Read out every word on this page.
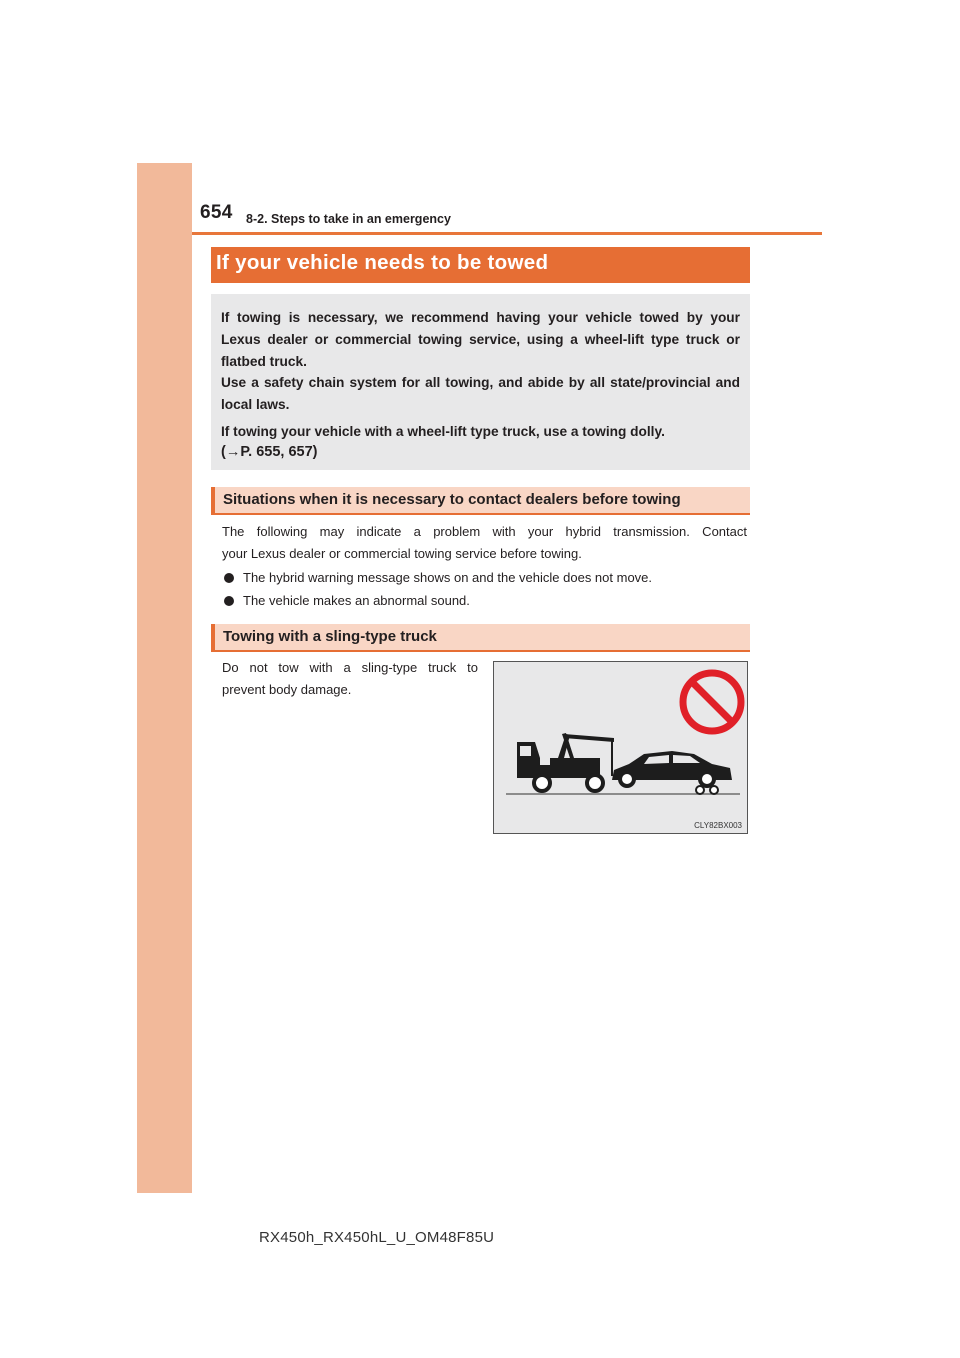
654 8-2. Steps to take in an emergency
If your vehicle needs to be towed

If towing is necessary, we recommend having your vehicle towed by your

Lexus dealer or commercial towing service, using a wheel-lift type truck or

flatbed truck.

Use a safety chain system for all towing, and abide by all state/provincial and

local laws.

If towing your vehicle with a wheel-lift type truck, use a towing dolly.

(→P. 655, 657)

Situations when it is necessary to contact dealers before towing

The following may indicate a problem with your hybrid transmission. Contact

your Lexus dealer or commercial towing service before towing.

The hybrid warning message shows on and the vehicle does not move.
The vehicle makes an abnormal sound.
Towing with a sling-type truck

Do not tow with a sling-type truck to

prevent body damage.

CLY82BX003
RX450h_RX450hL_U_OM48F85U
